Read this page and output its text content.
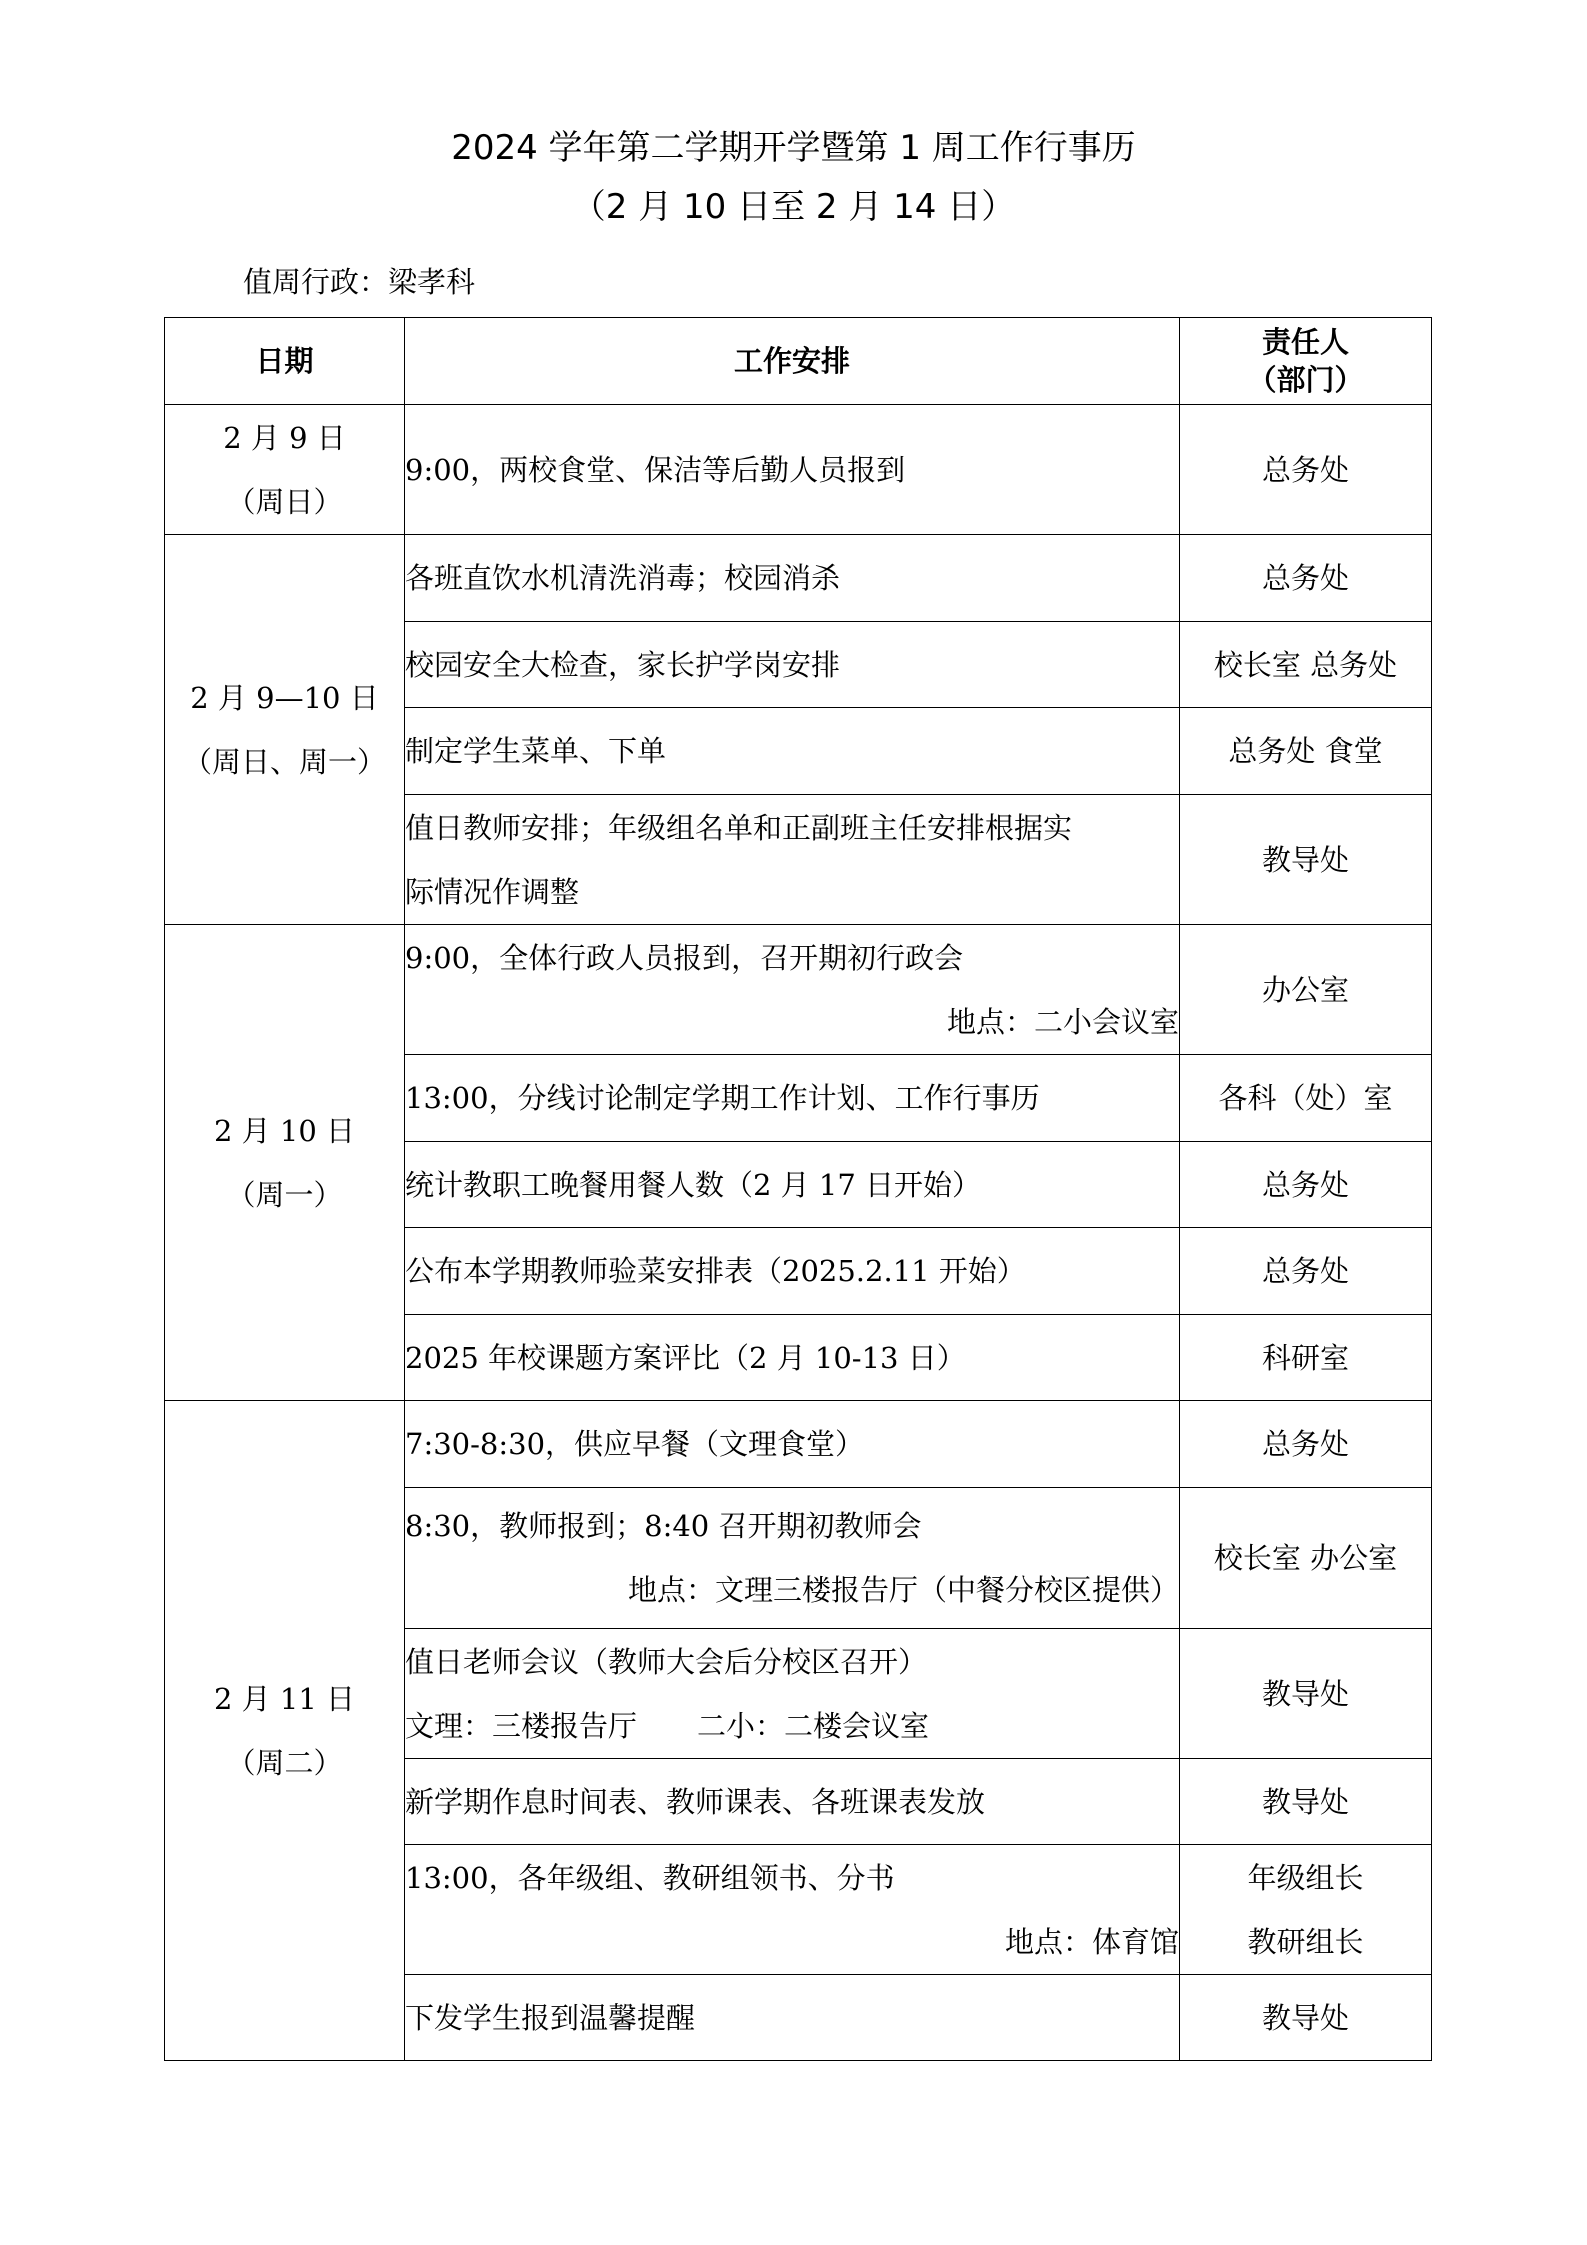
2024 学年第二学期开学暨第 1 周工作行事历
（2 月 10 日至 2 月 14 日）
值周行政：梁孝科
日期	工作安排	责任人
（部门）

2 月 9 日
（周日）	9:00，两校食堂、保洁等后勤人员报到	总务处

2 月 9—10 日
（周日、周一）	各班直饮水机清洗消毒；校园消杀	总务处

	校园安全大检查，家长护学岗安排	校长室 总务处

	制定学生菜单、下单	总务处 食堂

	值日教师安排；年级组名单和正副班主任安排根据实
际情况作调整	教导处

2 月 10 日
（周一）	9:00，全体行政人员报到，召开期初行政会
地点：二小会议室	办公室

	13:00，分线讨论制定学期工作计划、工作行事历	各科（处）室

	统计教职工晚餐用餐人数（2 月 17 日开始）	总务处

	公布本学期教师验菜安排表（2025.2.11 开始）	总务处

	2025 年校课题方案评比（2 月 10-13 日）	科研室

2 月 11 日
（周二）	7:30-8:30，供应早餐（文理食堂）	总务处

	8:30，教师报到；8:40 召开期初教师会
地点：文理三楼报告厅（中餐分校区提供）	校长室 办公室

	值日老师会议（教师大会后分校区召开）
文理：三楼报告厅 二小：二楼会议室	教导处

	新学期作息时间表、教师课表、各班课表发放	教导处

	13:00，各年级组、教研组领书、分书
地点：体育馆	年级组长
教研组长

	下发学生报到温馨提醒	教导处
